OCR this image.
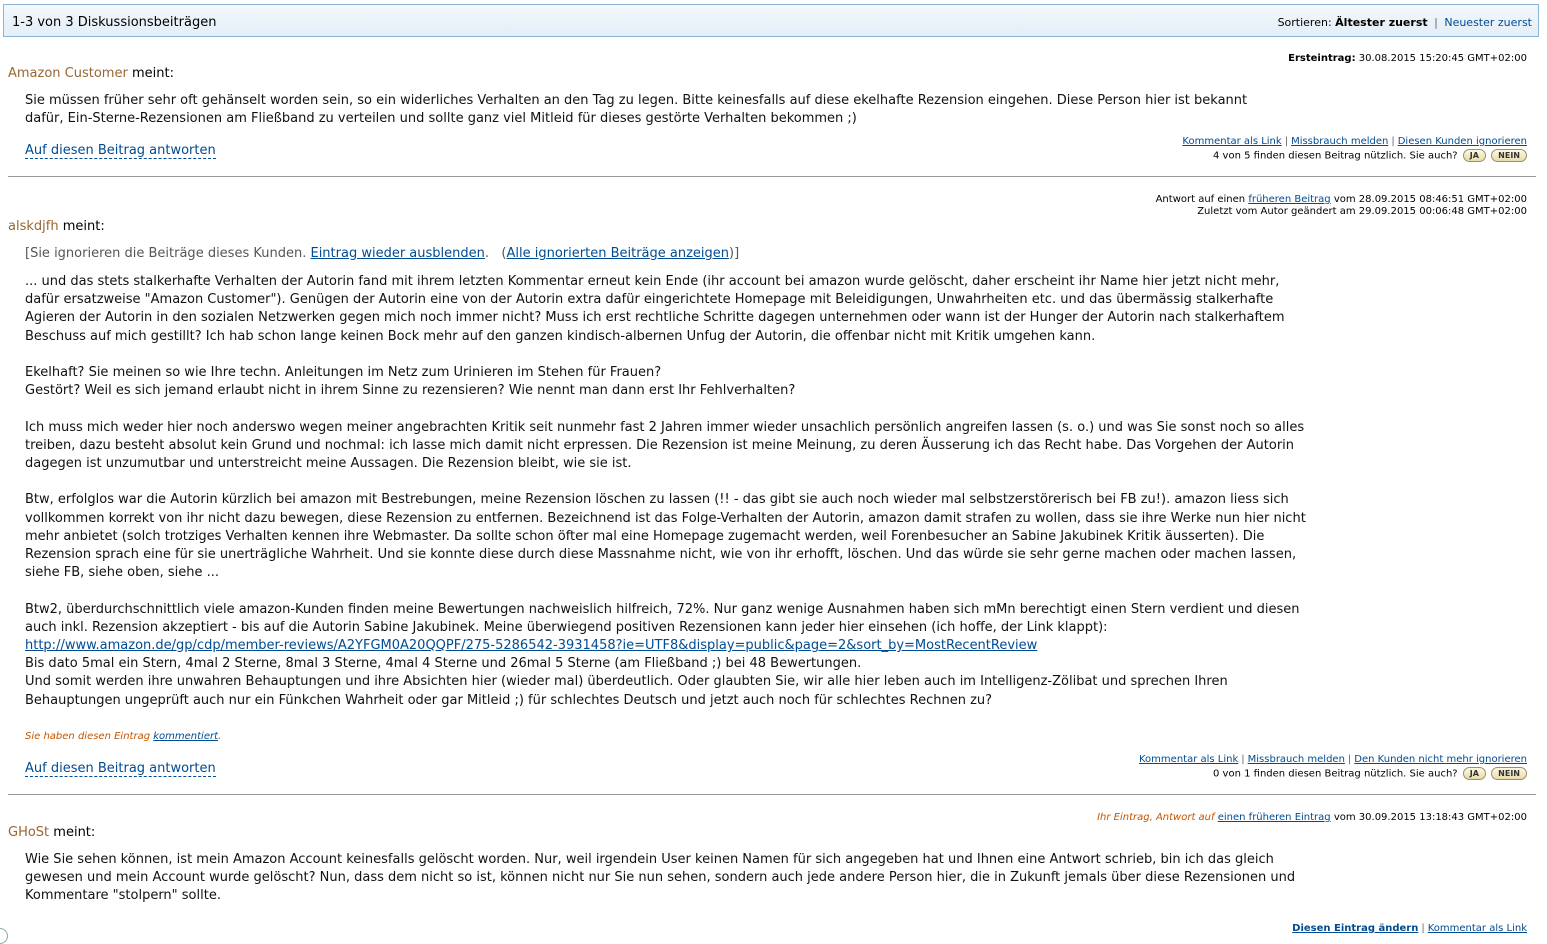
1-3 von 3 Diskussionsbeiträgen	Sortieren: Ältester zuerst | Neuester zuerst
Ersteintrag: 30.08.2015 15:20:45 GMT+02:00
Amazon Customer meint:

Sie müssen früher sehr oft gehänselt worden sein, so ein widerliches Verhalten an den Tag zu legen. Bitte keinesfalls auf diese ekelhafte Rezension eingehen. Diese Person hier ist bekannt dafür, Ein-Sterne-Rezensionen am Fließband zu verteilen und sollte ganz viel Mitleid für dieses gestörte Verhalten bekommen ;)

Auf diesen Beitrag antworten
Kommentar als Link | Missbrauch melden | Diesen Kunden ignorieren
4 von 5 finden diesen Beitrag nützlich. Sie auch? JA NEIN
Antwort auf einen früheren Beitrag vom 28.09.2015 08:46:51 GMT+02:00
Zuletzt vom Autor geändert am 29.09.2015 00:06:48 GMT+02:00
alskdjfh meint:
[Sie ignorieren die Beiträge dieses Kunden. Eintrag wieder ausblenden.   (Alle ignorierten Beiträge anzeigen)]

... und das stets stalkerhafte Verhalten der Autorin fand mit ihrem letzten Kommentar erneut kein Ende (ihr account bei amazon wurde gelöscht, daher erscheint ihr Name hier jetzt nicht mehr, dafür ersatzweise "Amazon Customer"). Genügen der Autorin eine von der Autorin extra dafür eingerichtete Homepage mit Beleidigungen, Unwahrheiten etc. und das übermässig stalkerhafte Agieren der Autorin in den sozialen Netzwerken gegen mich noch immer nicht? Muss ich erst rechtliche Schritte dagegen unternehmen oder wann ist der Hunger der Autorin nach stalkerhaftem Beschuss auf mich gestillt? Ich hab schon lange keinen Bock mehr auf den ganzen kindisch-albernen Unfug der Autorin, die offenbar nicht mit Kritik umgehen kann.

Ekelhaft? Sie meinen so wie Ihre techn. Anleitungen im Netz zum Urinieren im Stehen für Frauen?

Gestört? Weil es sich jemand erlaubt nicht in ihrem Sinne zu rezensieren? Wie nennt man dann erst Ihr Fehlverhalten?

Ich muss mich weder hier noch anderswo wegen meiner angebrachten Kritik seit nunmehr fast 2 Jahren immer wieder unsachlich persönlich angreifen lassen (s. o.) und was Sie sonst noch so alles treiben, dazu besteht absolut kein Grund und nochmal: ich lasse mich damit nicht erpressen. Die Rezension ist meine Meinung, zu deren Äusserung ich das Recht habe. Das Vorgehen der Autorin dagegen ist unzumutbar und unterstreicht meine Aussagen. Die Rezension bleibt, wie sie ist.

Btw, erfolglos war die Autorin kürzlich bei amazon mit Bestrebungen, meine Rezension löschen zu lassen (!! - das gibt sie auch noch wieder mal selbstzerstörerisch bei FB zu!). amazon liess sich vollkommen korrekt von ihr nicht dazu bewegen, diese Rezension zu entfernen. Bezeichnend ist das Folge-Verhalten der Autorin, amazon damit strafen zu wollen, dass sie ihre Werke nun hier nicht mehr anbietet (solch trotziges Verhalten kennen ihre Webmaster. Da sollte schon öfter mal eine Homepage zugemacht werden, weil Forenbesucher an Sabine Jakubinek Kritik äusserten). Die Rezension sprach eine für sie unerträgliche Wahrheit. Und sie konnte diese durch diese Massnahme nicht, wie von ihr erhofft, löschen. Und das würde sie sehr gerne machen oder machen lassen, siehe FB, siehe oben, siehe ...

Btw2, überdurchschnittlich viele amazon-Kunden finden meine Bewertungen nachweislich hilfreich, 72%. Nur ganz wenige Ausnahmen haben sich mMn berechtigt einen Stern verdient und diesen auch inkl. Rezension akzeptiert - bis auf die Autorin Sabine Jakubinek. Meine überwiegend positiven Rezensionen kann jeder hier einsehen (ich hoffe, der Link klappt):

http://www.amazon.de/gp/cdp/member-reviews/A2YFGM0A20QQPF/275-5286542-3931458?ie=UTF8&display=public&page=2&sort_by=MostRecentReview

Bis dato 5mal ein Stern, 4mal 2 Sterne, 8mal 3 Sterne, 4mal 4 Sterne und 26mal 5 Sterne (am Fließband ;) bei 48 Bewertungen.

Und somit werden ihre unwahren Behauptungen und ihre Absichten hier (wieder mal) überdeutlich. Oder glaubten Sie, wir alle hier leben auch im Intelligenz-Zölibat und sprechen Ihren Behauptungen ungeprüft auch nur ein Fünkchen Wahrheit oder gar Mitleid ;) für schlechtes Deutsch und jetzt auch noch für schlechtes Rechnen zu?

Sie haben diesen Eintrag kommentiert.
Auf diesen Beitrag antworten
Kommentar als Link | Missbrauch melden | Den Kunden nicht mehr ignorieren
0 von 1 finden diesen Beitrag nützlich. Sie auch? JA NEIN
Ihr Eintrag, Antwort auf einen früheren Eintrag vom 30.09.2015 13:18:43 GMT+02:00
GHoSt meint:

Wie Sie sehen können, ist mein Amazon Account keinesfalls gelöscht worden. Nur, weil irgendein User keinen Namen für sich angegeben hat und Ihnen eine Antwort schrieb, bin ich das gleich gewesen und mein Account wurde gelöscht? Nun, dass dem nicht so ist, können nicht nur Sie nun sehen, sondern auch jede andere Person hier, die in Zukunft jemals über diese Rezensionen und Kommentare "stolpern" sollte.

Diesen Eintrag ändern | Kommentar als Link
